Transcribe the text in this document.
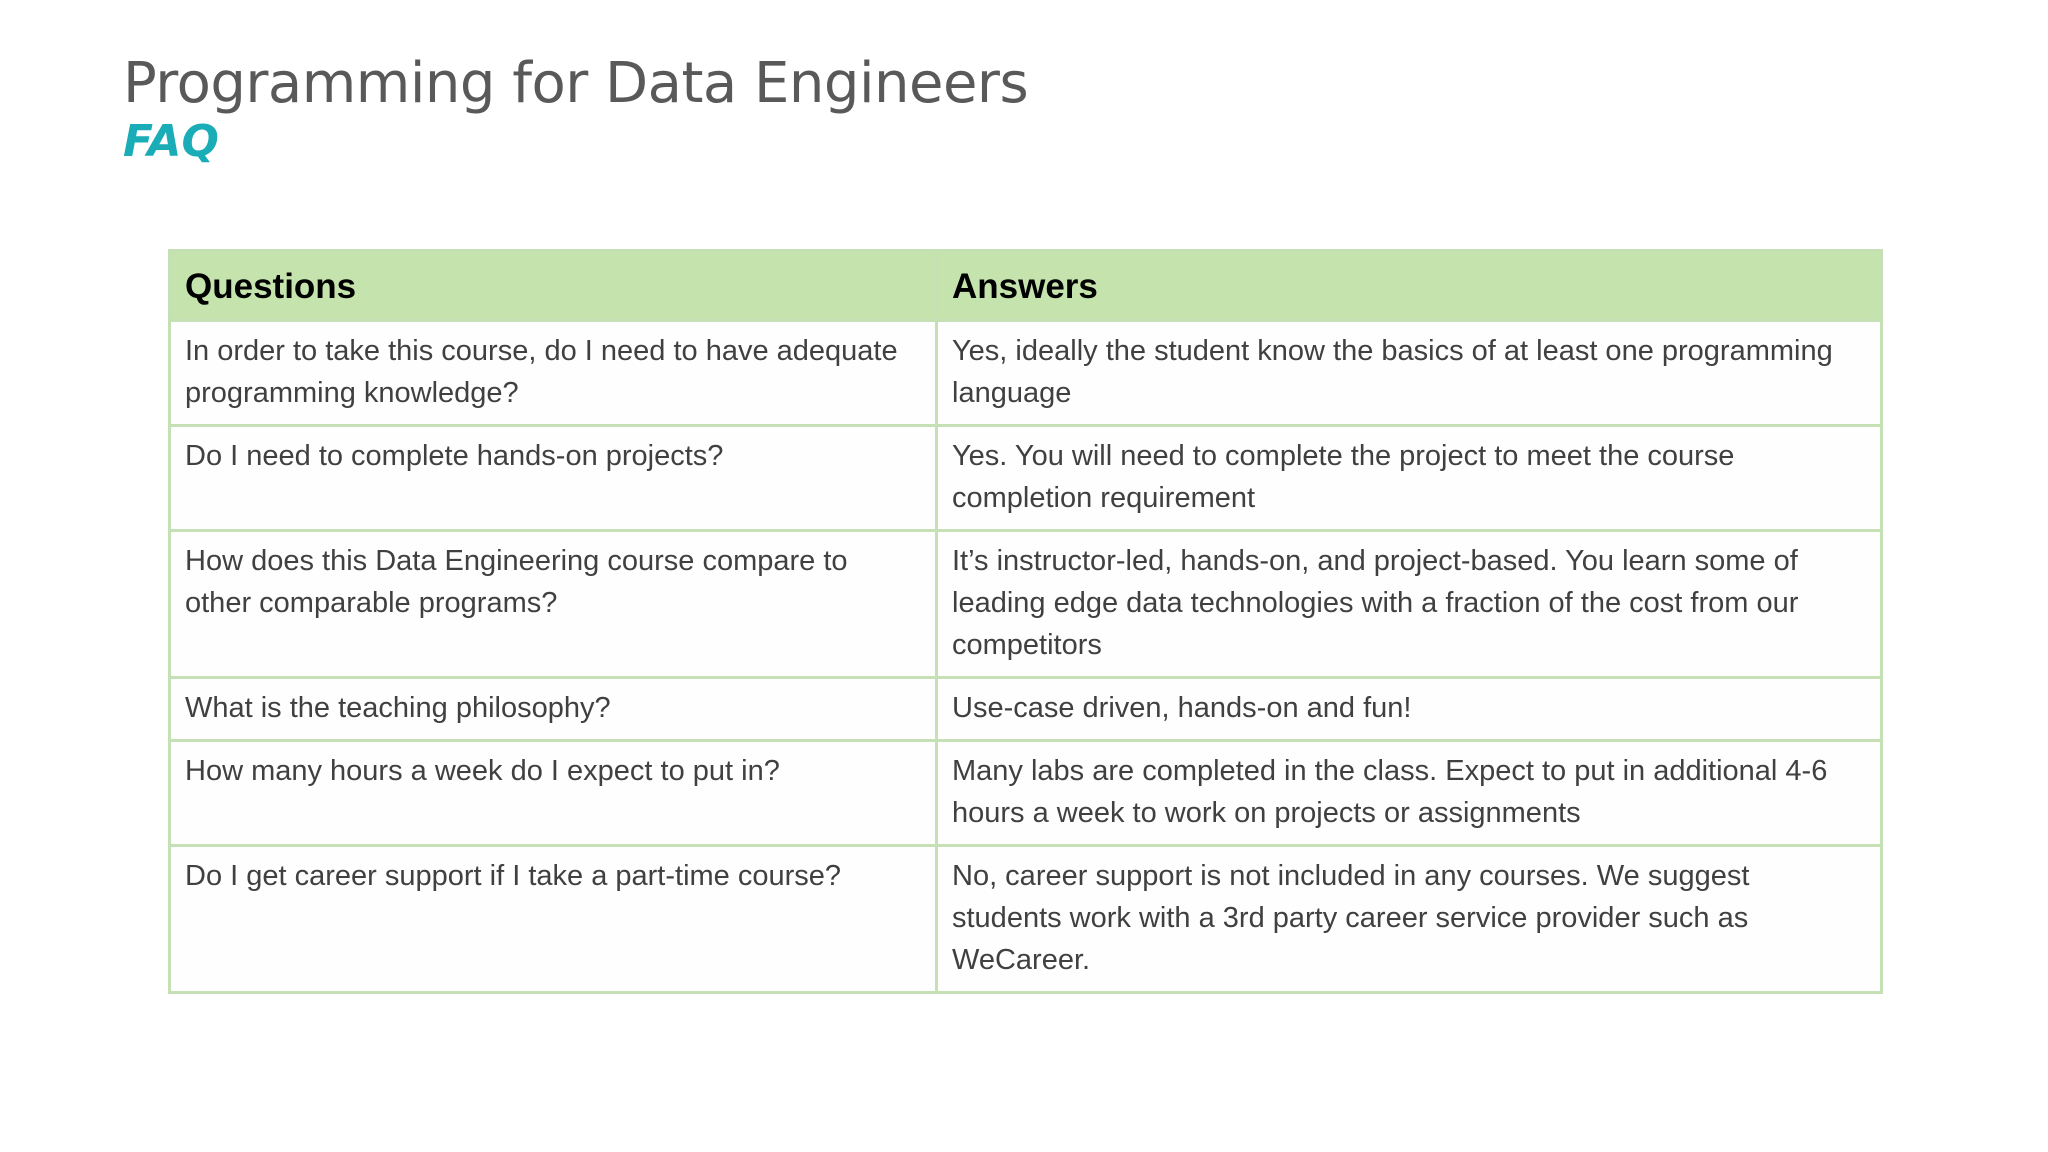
Programming for Data Engineers
FAQ
Questions	Answers
In order to take this course, do I need to have adequate programming knowledge?	Yes, ideally the student know the basics of at least one programming language
Do I need to complete hands-on projects?	Yes. You will need to complete the project to meet the course completion requirement
How does this Data Engineering course compare to other comparable programs?	It’s instructor-led, hands-on, and project-based. You learn some of leading edge data technologies with a fraction of the cost from our competitors
What is the teaching philosophy?	Use-case driven, hands-on and fun!
How many hours a week do I expect to put in?	Many labs are completed in the class. Expect to put in additional 4-6 hours a week to work on projects or assignments
Do I get career support if I take a part-time course?	No, career support is not included in any courses. We suggest students work with a 3rd party career service provider such as WeCareer.
